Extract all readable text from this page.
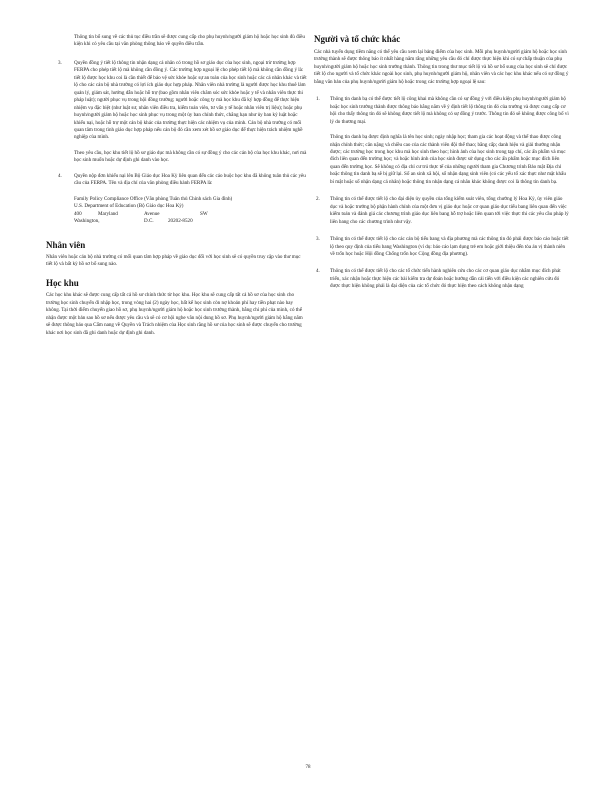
Thông tin bổ sung về các thủ tục điều trần sẽ được cung cấp cho phụ huynh/người giám hộ hoặc học sinh đủ điều kiện khi có yêu cầu tại văn phòng thông báo về quyền điều trần.

3. Quyền đồng ý tiết lộ thông tin nhận dạng cá nhân có trong hồ sơ giáo dục của học sinh, ngoại trừ trường hợp FERPA cho phép tiết lộ mà không cần đồng ý. Các trường hợp ngoại lệ cho phép tiết lộ mà không cần đồng ý là: tiết lộ được học khu coi là cần thiết để bảo vệ sức khỏe hoặc sự an toàn của học sinh hoặc các cá nhân khác và tiết lộ cho các cán bộ nhà trường có lợi ích giáo dục hợp pháp. Nhân viên nhà trường là người được học khu thuê làm quản lý, giám sát, hướng dẫn hoặc hỗ trợ (bao gồm nhân viên chăm sóc sức khỏe hoặc y tế và nhân viên thực thi pháp luật); người phục vụ trong hội đồng trường; người hoặc công ty mà học khu đã ký hợp đồng để thực hiện nhiệm vụ đặc biệt (như luật sư, nhân viên điều tra, kiểm toán viên, tư vấn y tế hoặc nhân viên trị liệu); hoặc phụ huynh/người giám hộ hoặc học sinh phục vụ trong một ủy ban chính thức, chẳng hạn như ủy ban kỷ luật hoặc khiếu nại, hoặc hỗ trợ một cán bộ khác của trường thực hiện các nhiệm vụ của mình. Cán bộ nhà trường có mối quan tâm trong tình giáo dục hợp pháp nếu cán bộ đó cần xem xét hồ sơ giáo dục để thực hiện trách nhiệm nghề nghiệp của mình.

Theo yêu cầu, học khu tiết lộ hồ sơ giáo dục mà không cần có sự đồng ý cho các cán bộ của học khu khác, nơi mà học sinh muốn hoặc dự định ghi danh vào học.

4. Quyền nộp đơn khiếu nại lên Bộ Giáo dục Hoa Kỳ liên quan đến các cáo buộc học khu đã không tuân thủ các yêu cầu của FERPA. Tên và địa chỉ của văn phòng điều hành FERPA là:

Family Policy Compliance Office (Văn phòng Tuân thủ Chính sách Gia đình)

U.S. Department of Education (Bộ Giáo dục Hoa Kỳ)

400	Maryland	Avenue	SW
Washington,	D.C.	20202-8520
Nhân viên

Nhân viên hoặc cán bộ nhà trường có mối quan tâm hợp pháp về giáo dục đối với học sinh sẽ có quyền truy cập vào thư mục tiết lộ và bất kỳ hồ sơ bổ sung nào.

Học khu

Các học khu khác sẽ được cung cấp tất cả hồ sơ chính thức từ học khu. Học khu sẽ cung cấp tất cả hồ sơ của học sinh cho trường học sinh chuyển đi nhập học, trong vòng hai (2) ngày học, bất kể học sinh còn nợ khoản phí hay tiền phạt nào hay không. Tại thời điểm chuyển giao hồ sơ, phụ huynh/người giám hộ hoặc học sinh trưởng thành, bằng chi phí của mình, có thể nhận được một bản sao hồ sơ nếu được yêu cầu và sẽ có cơ hội nghe văn nội dung hồ sơ. Phụ huynh/người giám hộ hằng năm sẽ được thông báo qua Cẩm nang về Quyền và Trách nhiệm của Học sinh rằng hồ sơ của học sinh sẽ được chuyển cho trường khác nơi học sinh đã ghi danh hoặc dự định ghi danh.

Người và tổ chức khác

Các nhà tuyển dụng tiềm năng có thể yêu cầu xem lại bảng điểm của học sinh. Mỗi phụ huynh/người giám hộ hoặc học sinh trưởng thành sẽ được thông báo ít nhất hàng năm rằng những yêu cầu đó chỉ được thực hiện khi có sự chấp thuận của phụ huynh/người giám hộ hoặc học sinh trưởng thành. Thông tin trong thư mục tiết lộ và hồ sơ bổ sung của học sinh sẽ chỉ được tiết lộ cho người và tổ chức khác ngoài học sinh, phụ huynh/người giám hộ, nhân viên và các học khu khác nếu có sự đồng ý bằng văn bản của phụ huynh/người giám hộ hoặc trong các trường hợp ngoại lệ sau:

1. Thông tin danh bạ có thể được tiết lộ công khai mà không cần có sự đồng ý với điều kiện phụ huynh/người giám hộ hoặc học sinh trưởng thành được thông báo hằng năm về ý định tiết lộ thông tin đó của trường và được cung cấp cơ hội cho thấy thông tin đó sẽ không được tiết lộ mà không có sự đồng ý trước. Thông tin đó sẽ không được công bố vì lý do thương mại.

Thông tin danh bạ được định nghĩa là tên học sinh; ngày nhập học; tham gia các hoạt động và thể thao được công nhận chính thức; cân nặng và chiều cao của các thành viên đội thể thao; bằng cấp; danh hiệu và giải thưởng nhận được; các trường học trong học khu mà học sinh theo học; hình ảnh của học sinh trong tạp chí, các ấn phẩm và mục đích liên quan đến trường học; và hoặc hình ảnh của học sinh được sử dụng cho các ấn phẩm hoặc mục đích liên quan đến trường học. Sẽ không có địa chỉ cư trú thực tế của những người tham gia Chương trình Bảo mật Địa chỉ hoặc thông tin danh bạ sẽ bị giữ lại. Số an sinh xã hội, số nhận dạng sinh viên (có các yếu tố xác thực như mật khẩu bí mật hoặc số nhận dạng cá nhân) hoặc thông tin nhận dạng cá nhân khác không được coi là thông tin danh bạ.

2. Thông tin có thể được tiết lộ cho đại diện ủy quyền của tổng kiểm soát viên, tổng chưởng lý Hoa Kỳ, ủy viên giáo dục và hoặc trưởng bộ phận hành chính của một đơn vị giáo dục hoặc cơ quan giáo dục tiểu bang liên quan đến việc kiểm toán và đánh giá các chương trình giáo dục liên bang hỗ trợ hoặc liên quan tới việc thực thi các yêu cầu pháp lý liên bang cho các chương trình như vậy.

3. Thông tin có thể được tiết lộ cho các cán bộ tiểu bang và địa phương mà các thông tin đó phải được báo cáo hoặc tiết lộ theo quy định của tiểu bang Washington (ví dụ: báo cáo lạm dụng trẻ em hoặc giới thiệu đến tòa án vị thành niên về trốn học hoặc Hội đồng Chống trốn học Cộng đồng địa phương).

4. Thông tin có thể được tiết lộ cho các tổ chức tiến hành nghiên cứu cho các cơ quan giáo dục nhằm mục đích phát triển, xác nhận hoặc thực hiện các bài kiểm tra dự đoán hoặc hướng dẫn cải tiến với điều kiện các nghiên cứu đó được thực hiện không phải là đại diện của các tổ chức đó thực hiện theo cách không nhận dạng

78
